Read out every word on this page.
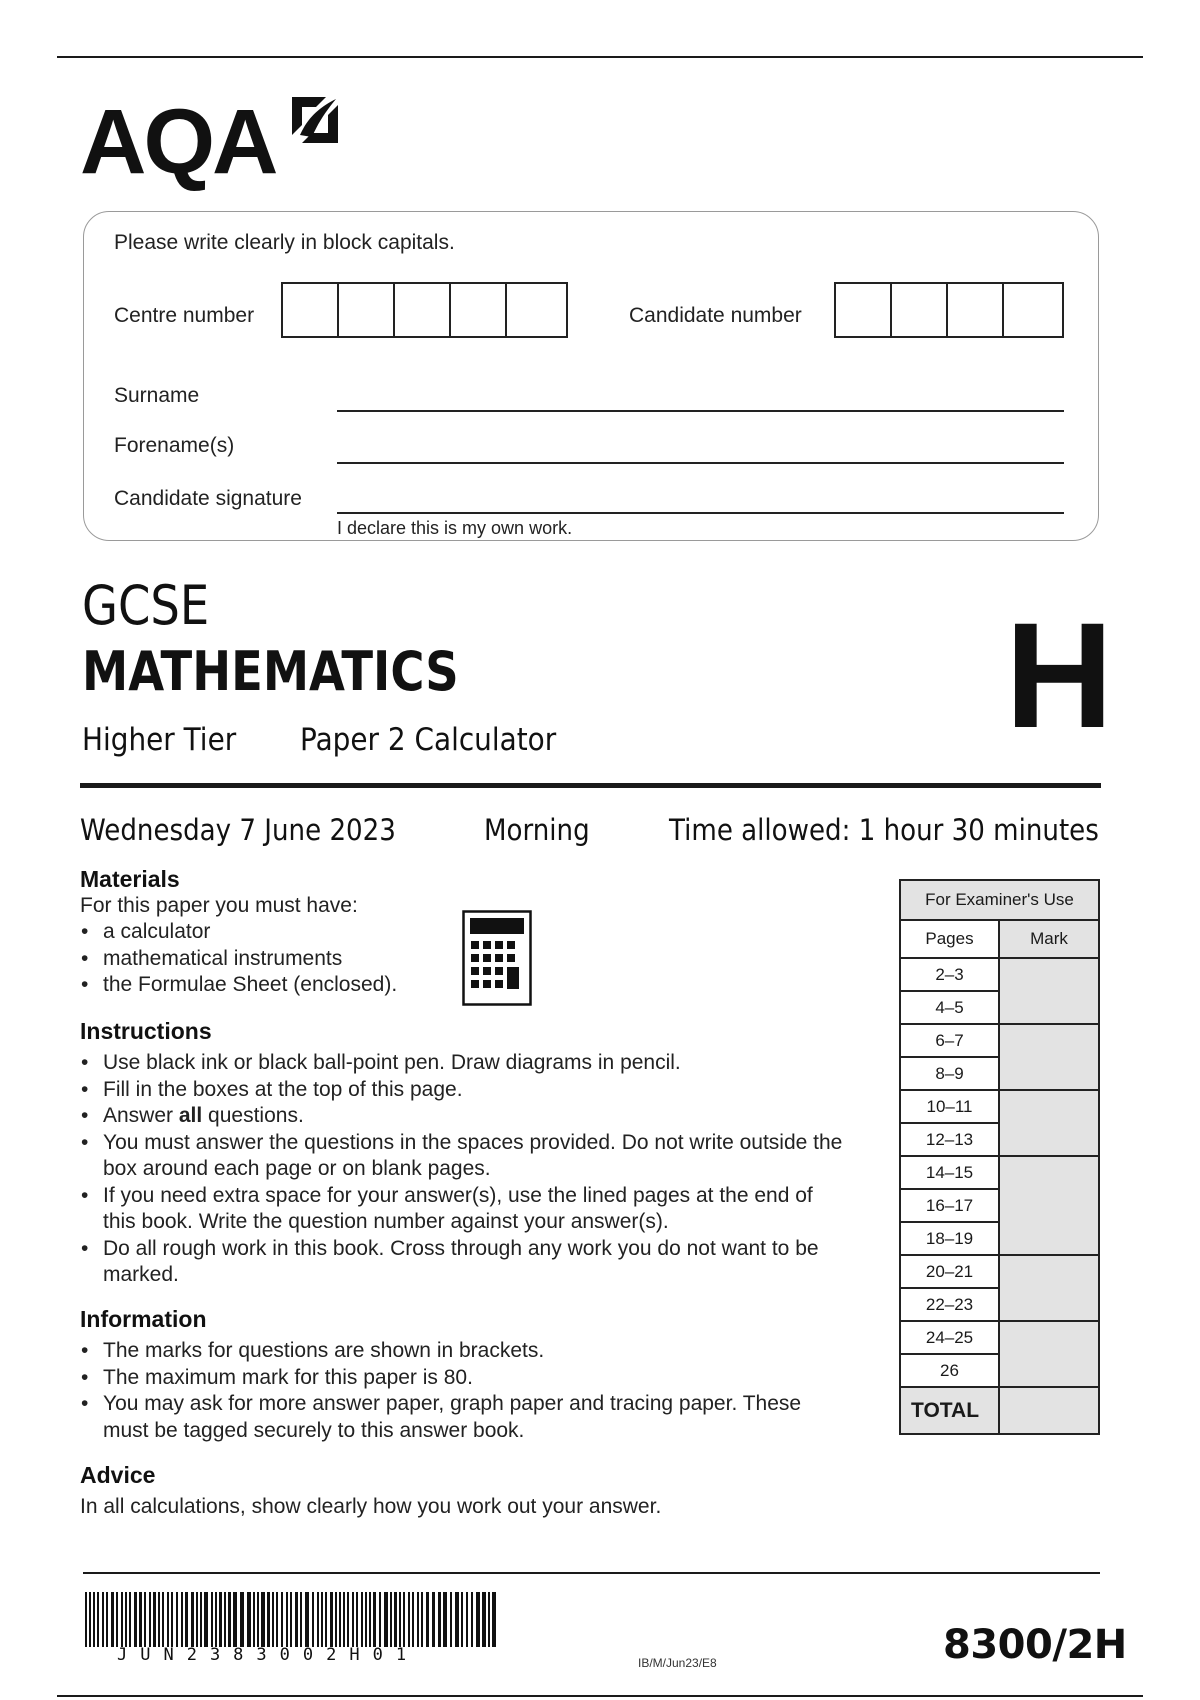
AQA
Please write clearly in block capitals.
Centre number	Candidate number
Surname
Forename(s)
Candidate signature
I declare this is my own work.
GCSE
MATHEMATICS
Higher Tier Paper 2 Calculator	H
Wednesday 7 June 2023	Morning	Time allowed: 1 hour 30 minutes
Materials
For this paper you must have:
• a calculator
• mathematical instruments
• the Formulae Sheet (enclosed).
Instructions
• Use black ink or black ball-point pen. Draw diagrams in pencil.
• Fill in the boxes at the top of this page.
• Answer all questions.
• You must answer the questions in the spaces provided. Do not write outside the box around each page or on blank pages.
• If you need extra space for your answer(s), use the lined pages at the end of this book. Write the question number against your answer(s).
• Do all rough work in this book. Cross through any work you do not want to be marked.
Information
• The marks for questions are shown in brackets.
• The maximum mark for this paper is 80.
• You may ask for more answer paper, graph paper and tracing paper. These must be tagged securely to this answer book.
Advice
In all calculations, show clearly how you work out your answer.
For Examiner's Use	
Pages	Mark
2–3	
4–5	
6–7	
8–9	
10–11	
12–13	
14–15	
16–17	
18–19	
20–21	
22–23	
24–25	
26	
TOTAL	
JUN2383002H01	IB/M/Jun23/E8	8300/2H
